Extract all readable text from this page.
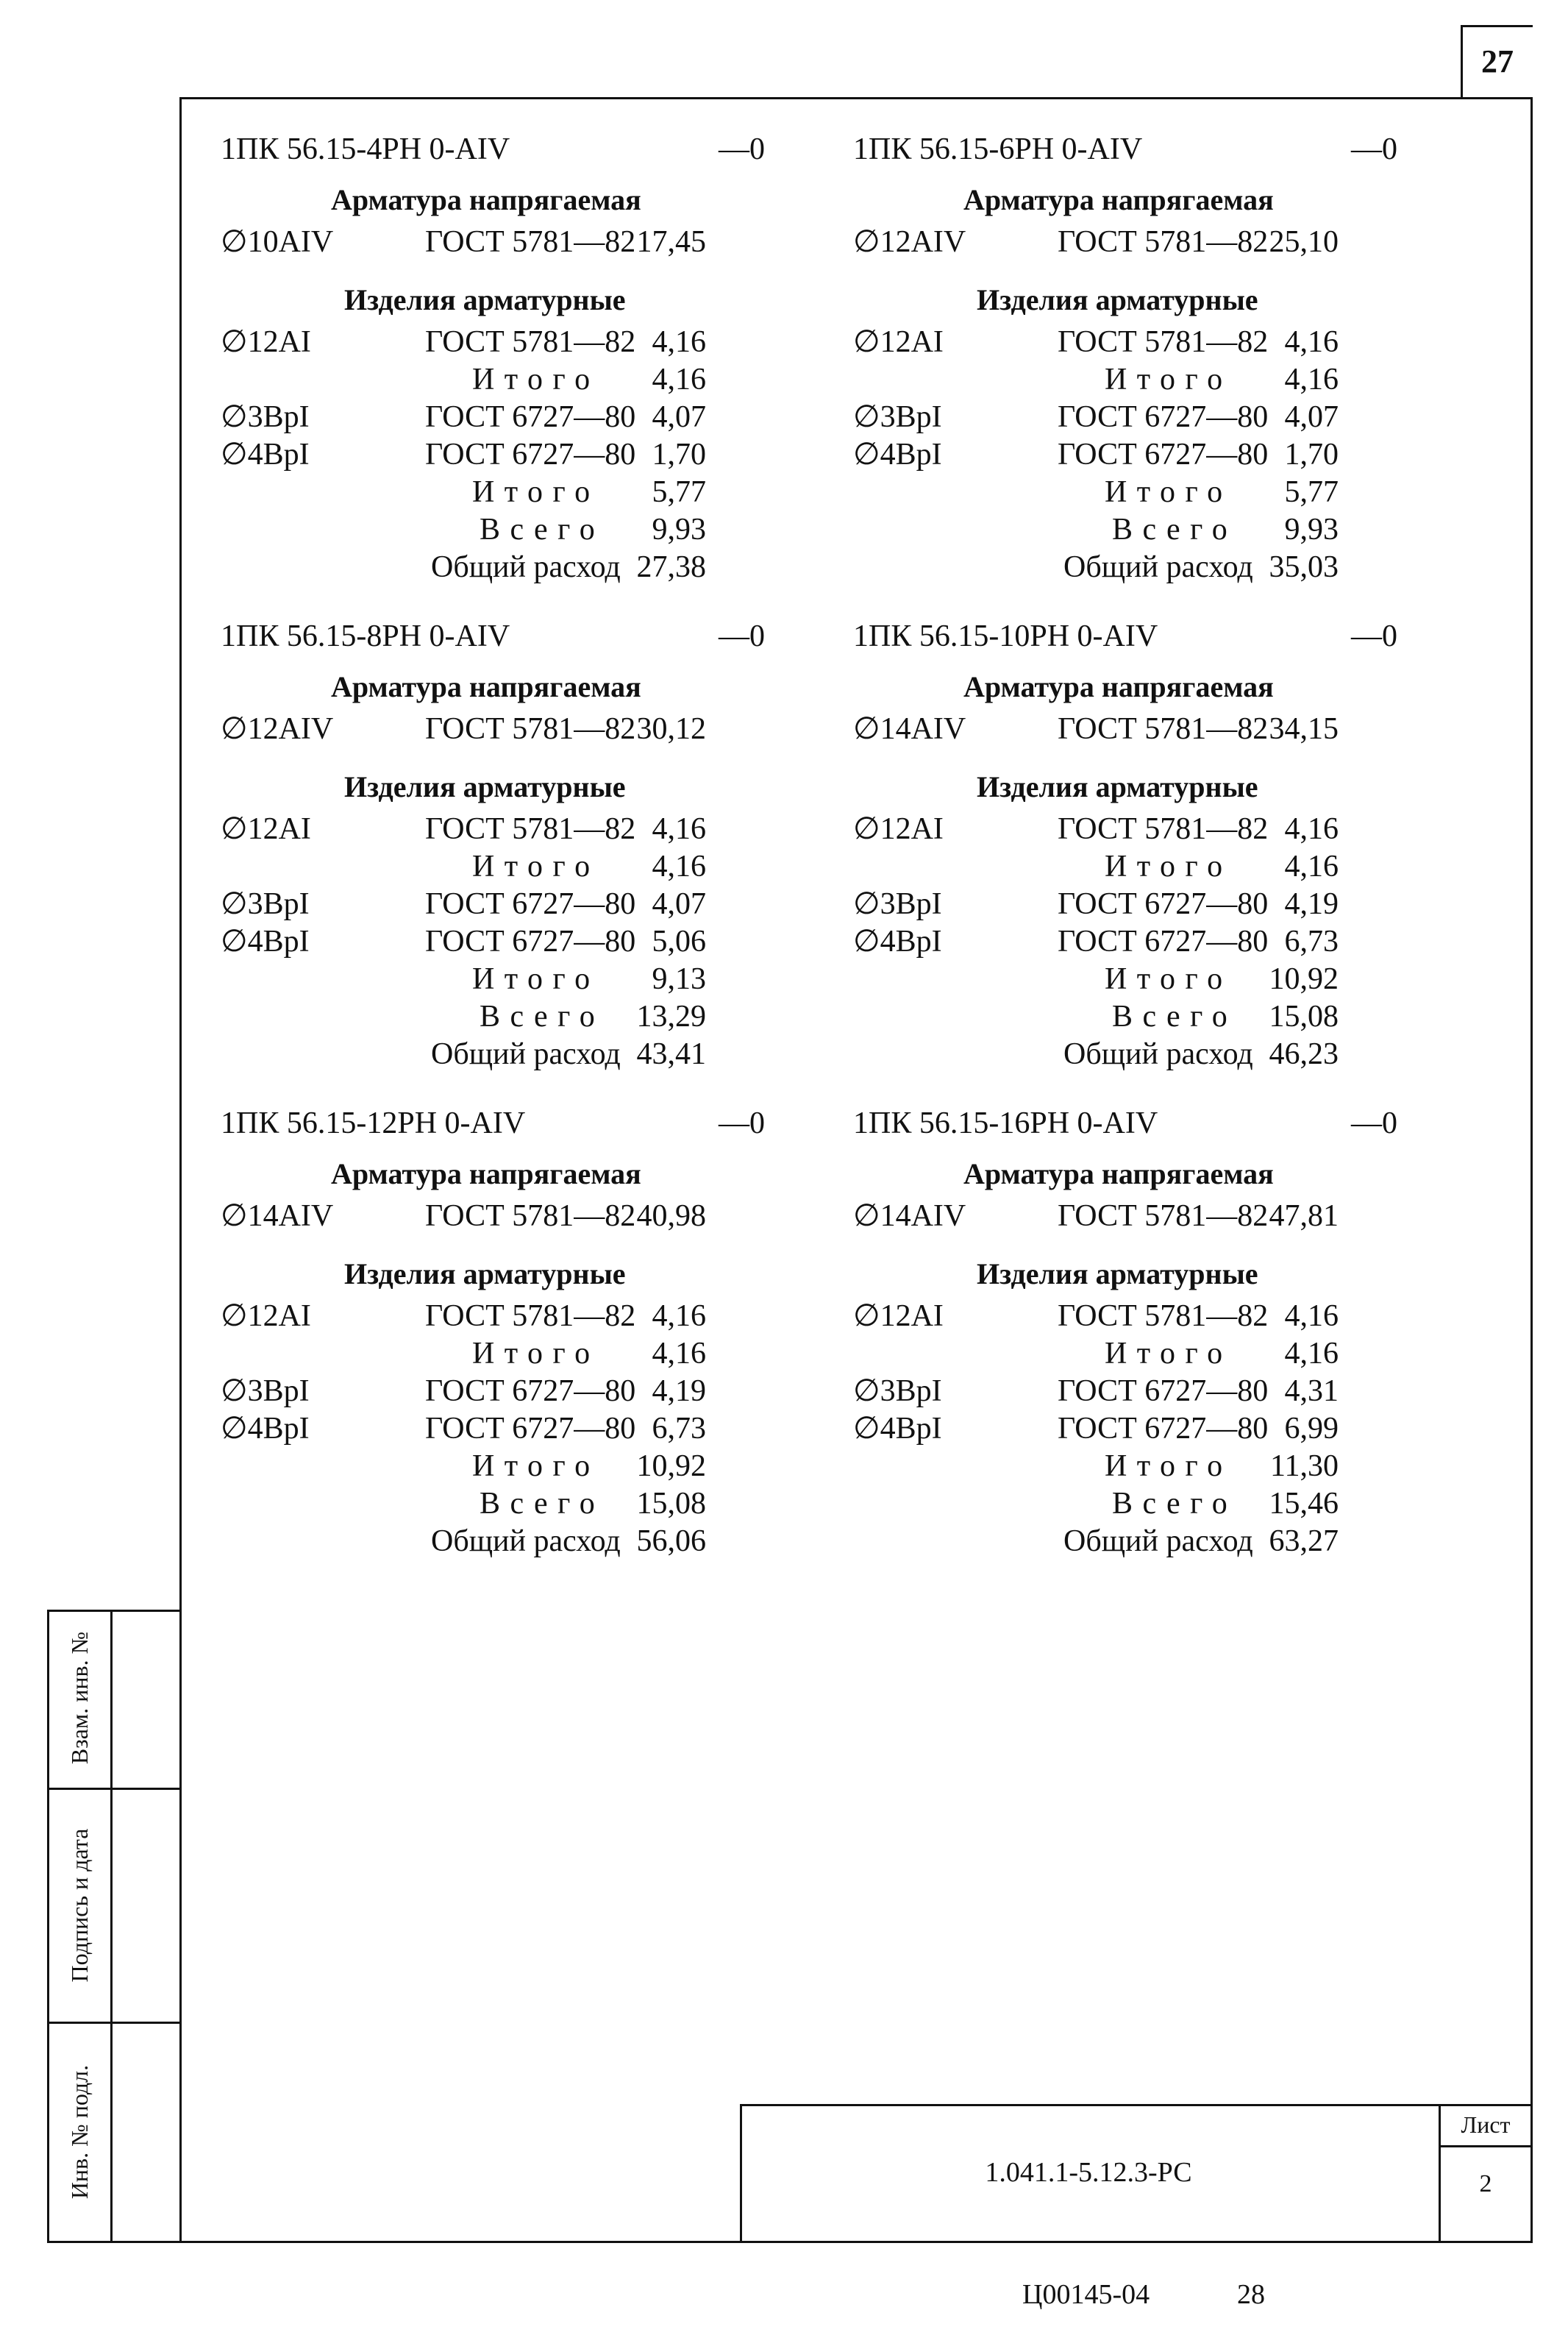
27
Взам. инв. №
Подпись и дата
Инв. № подл.	1.041.1-5.12.3-РС
Лист
2
Ц00145-04	28
1ПК 56.15-4РН 0-AIV	—0
Арматура напрягаемая
∅10AIV	ГОСТ 5781—82 17,45
Изделия арматурные
∅12AI	ГОСТ 5781—82 4,16
Итого	4,16
∅3BpI	ГОСТ 6727—80 4,07
∅4BpI	ГОСТ 6727—80 1,70
Итого	5,77
Всего	9,93
Общий расход 27,38
1ПК 56.15-6РН 0-AIV	—0
Арматура напрягаемая
∅12AIV	ГОСТ 5781—82 25,10
Изделия арматурные
∅12AI	ГОСТ 5781—82 4,16
Итого	4,16
∅3BpI	ГОСТ 6727—80 4,07
∅4BpI	ГОСТ 6727—80 1,70
Итого	5,77
Всего	9,93
Общий расход 35,03
1ПК 56.15-8РН 0-AIV	—0
Арматура напрягаемая
∅12AIV	ГОСТ 5781—82 30,12
Изделия арматурные
∅12AI	ГОСТ 5781—82 4,16
Итого	4,16
∅3BpI	ГОСТ 6727—80 4,07
∅4BpI	ГОСТ 6727—80 5,06
Итого	9,13
Всего 13,29
Общий расход 43,41
1ПК 56.15-10РН 0-AIV	—0
Арматура напрягаемая
∅14AIV	ГОСТ 5781—82 34,15
Изделия арматурные
∅12AI	ГОСТ 5781—82 4,16
Итого	4,16
∅3BpI	ГОСТ 6727—80 4,19
∅4BpI	ГОСТ 6727—80 6,73
Итого 10,92
Всего 15,08
Общий расход 46,23
1ПК 56.15-12РН 0-AIV	—0
Арматура напрягаемая
∅14AIV	ГОСТ 5781—82 40,98
Изделия арматурные
∅12AI	ГОСТ 5781—82 4,16
Итого	4,16
∅3BpI	ГОСТ 6727—80 4,19
∅4BpI	ГОСТ 6727—80 6,73
Итого 10,92
Всего 15,08
Общий расход 56,06
1ПК 56.15-16РН 0-AIV	—0
Арматура напрягаемая
∅14AIV	ГОСТ 5781—82 47,81
Изделия арматурные
∅12AI	ГОСТ 5781—82 4,16
Итого	4,16
∅3BpI	ГОСТ 6727—80 4,31
∅4BpI	ГОСТ 6727—80 6,99
Итого 11,30
Всего 15,46
Общий расход 63,27
